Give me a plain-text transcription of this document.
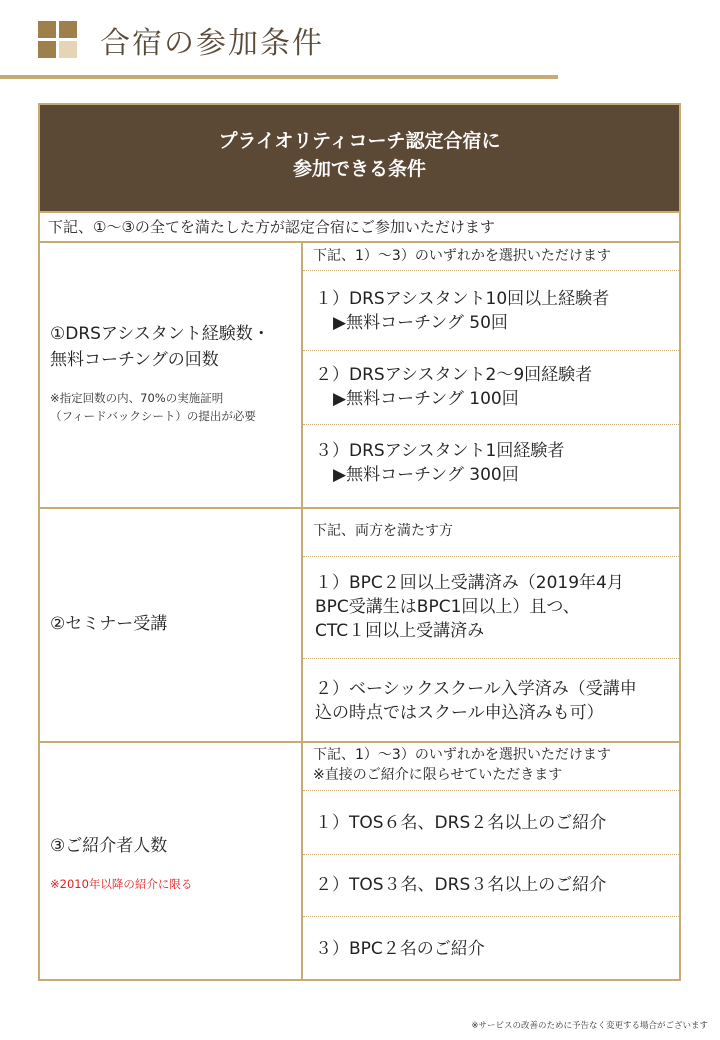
合宿の参加条件
プライオリティコーチ認定合宿に
参加できる条件
下記、①～③の全てを満たした方が認定合宿にご参加いただけます
①DRSアシスタント経験数・
無料コーチングの回数
※指定回数の内、70%の実施証明
（フィードバックシート）の提出が必要
下記、1）～3）のいずれかを選択いただけます
１）DRSアシスタント10回以上経験者
▶無料コーチング 50回
２）DRSアシスタント2～9回経験者
▶無料コーチング 100回
３）DRSアシスタント1回経験者
▶無料コーチング 300回
②セミナー受講
下記、両方を満たす方
１）BPC２回以上受講済み（2019年4月
BPC受講生はBPC1回以上）且つ、
CTC１回以上受講済み
２）ベーシックスクール入学済み（受講申
込の時点ではスクール申込済みも可）
③ご紹介者人数
※2010年以降の紹介に限る
下記、1）～3）のいずれかを選択いただけます
※直接のご紹介に限らせていただきます
１）TOS６名、DRS２名以上のご紹介
２）TOS３名、DRS３名以上のご紹介
３）BPC２名のご紹介
※サービスの改善のために予告なく変更する場合がございます
